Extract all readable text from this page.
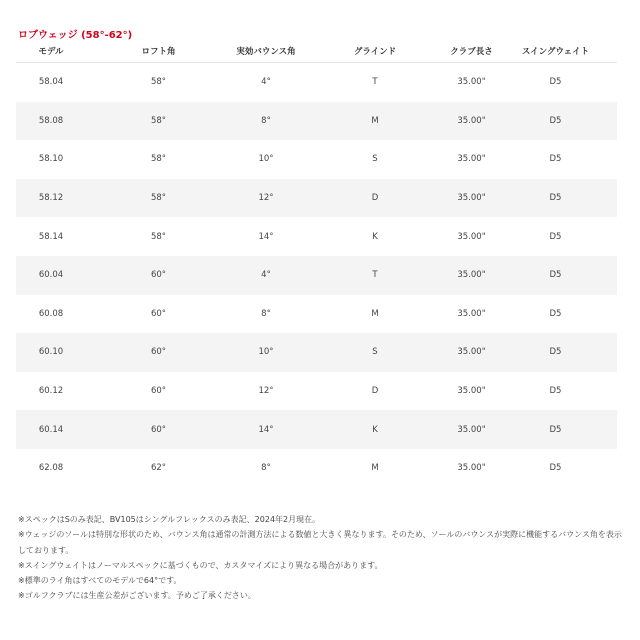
ロブウェッジ (58°-62°)
モデル	ロフト角	実効バウンス角	グラインド	クラブ長さ	スイングウェイト
58.04	58°	4°	T	35.00"	D5
58.08	58°	8°	M	35.00"	D5
58.10	58°	10°	S	35.00"	D5
58.12	58°	12°	D	35.00"	D5
58.14	58°	14°	K	35.00"	D5
60.04	60°	4°	T	35.00"	D5
60.08	60°	8°	M	35.00"	D5
60.10	60°	10°	S	35.00"	D5
60.12	60°	12°	D	35.00"	D5
60.14	60°	14°	K	35.00"	D5
62.08	62°	8°	M	35.00"	D5

※スペックはSのみ表記、BV105はシングルフレックスのみ表記、2024年2月現在。

※ウェッジのソールは特別な形状のため、バウンス角は通常の計測方法による数値と大きく異なります。そのため、ソールのバウンスが実際に機能するバウンス角を表示しております。

※スイングウェイトはノーマルスペックに基づくもので、カスタマイズにより異なる場合があります。

※標準のライ角はすべてのモデルで64°です。

※ゴルフクラブには生産公差がございます。予めご了承ください。
